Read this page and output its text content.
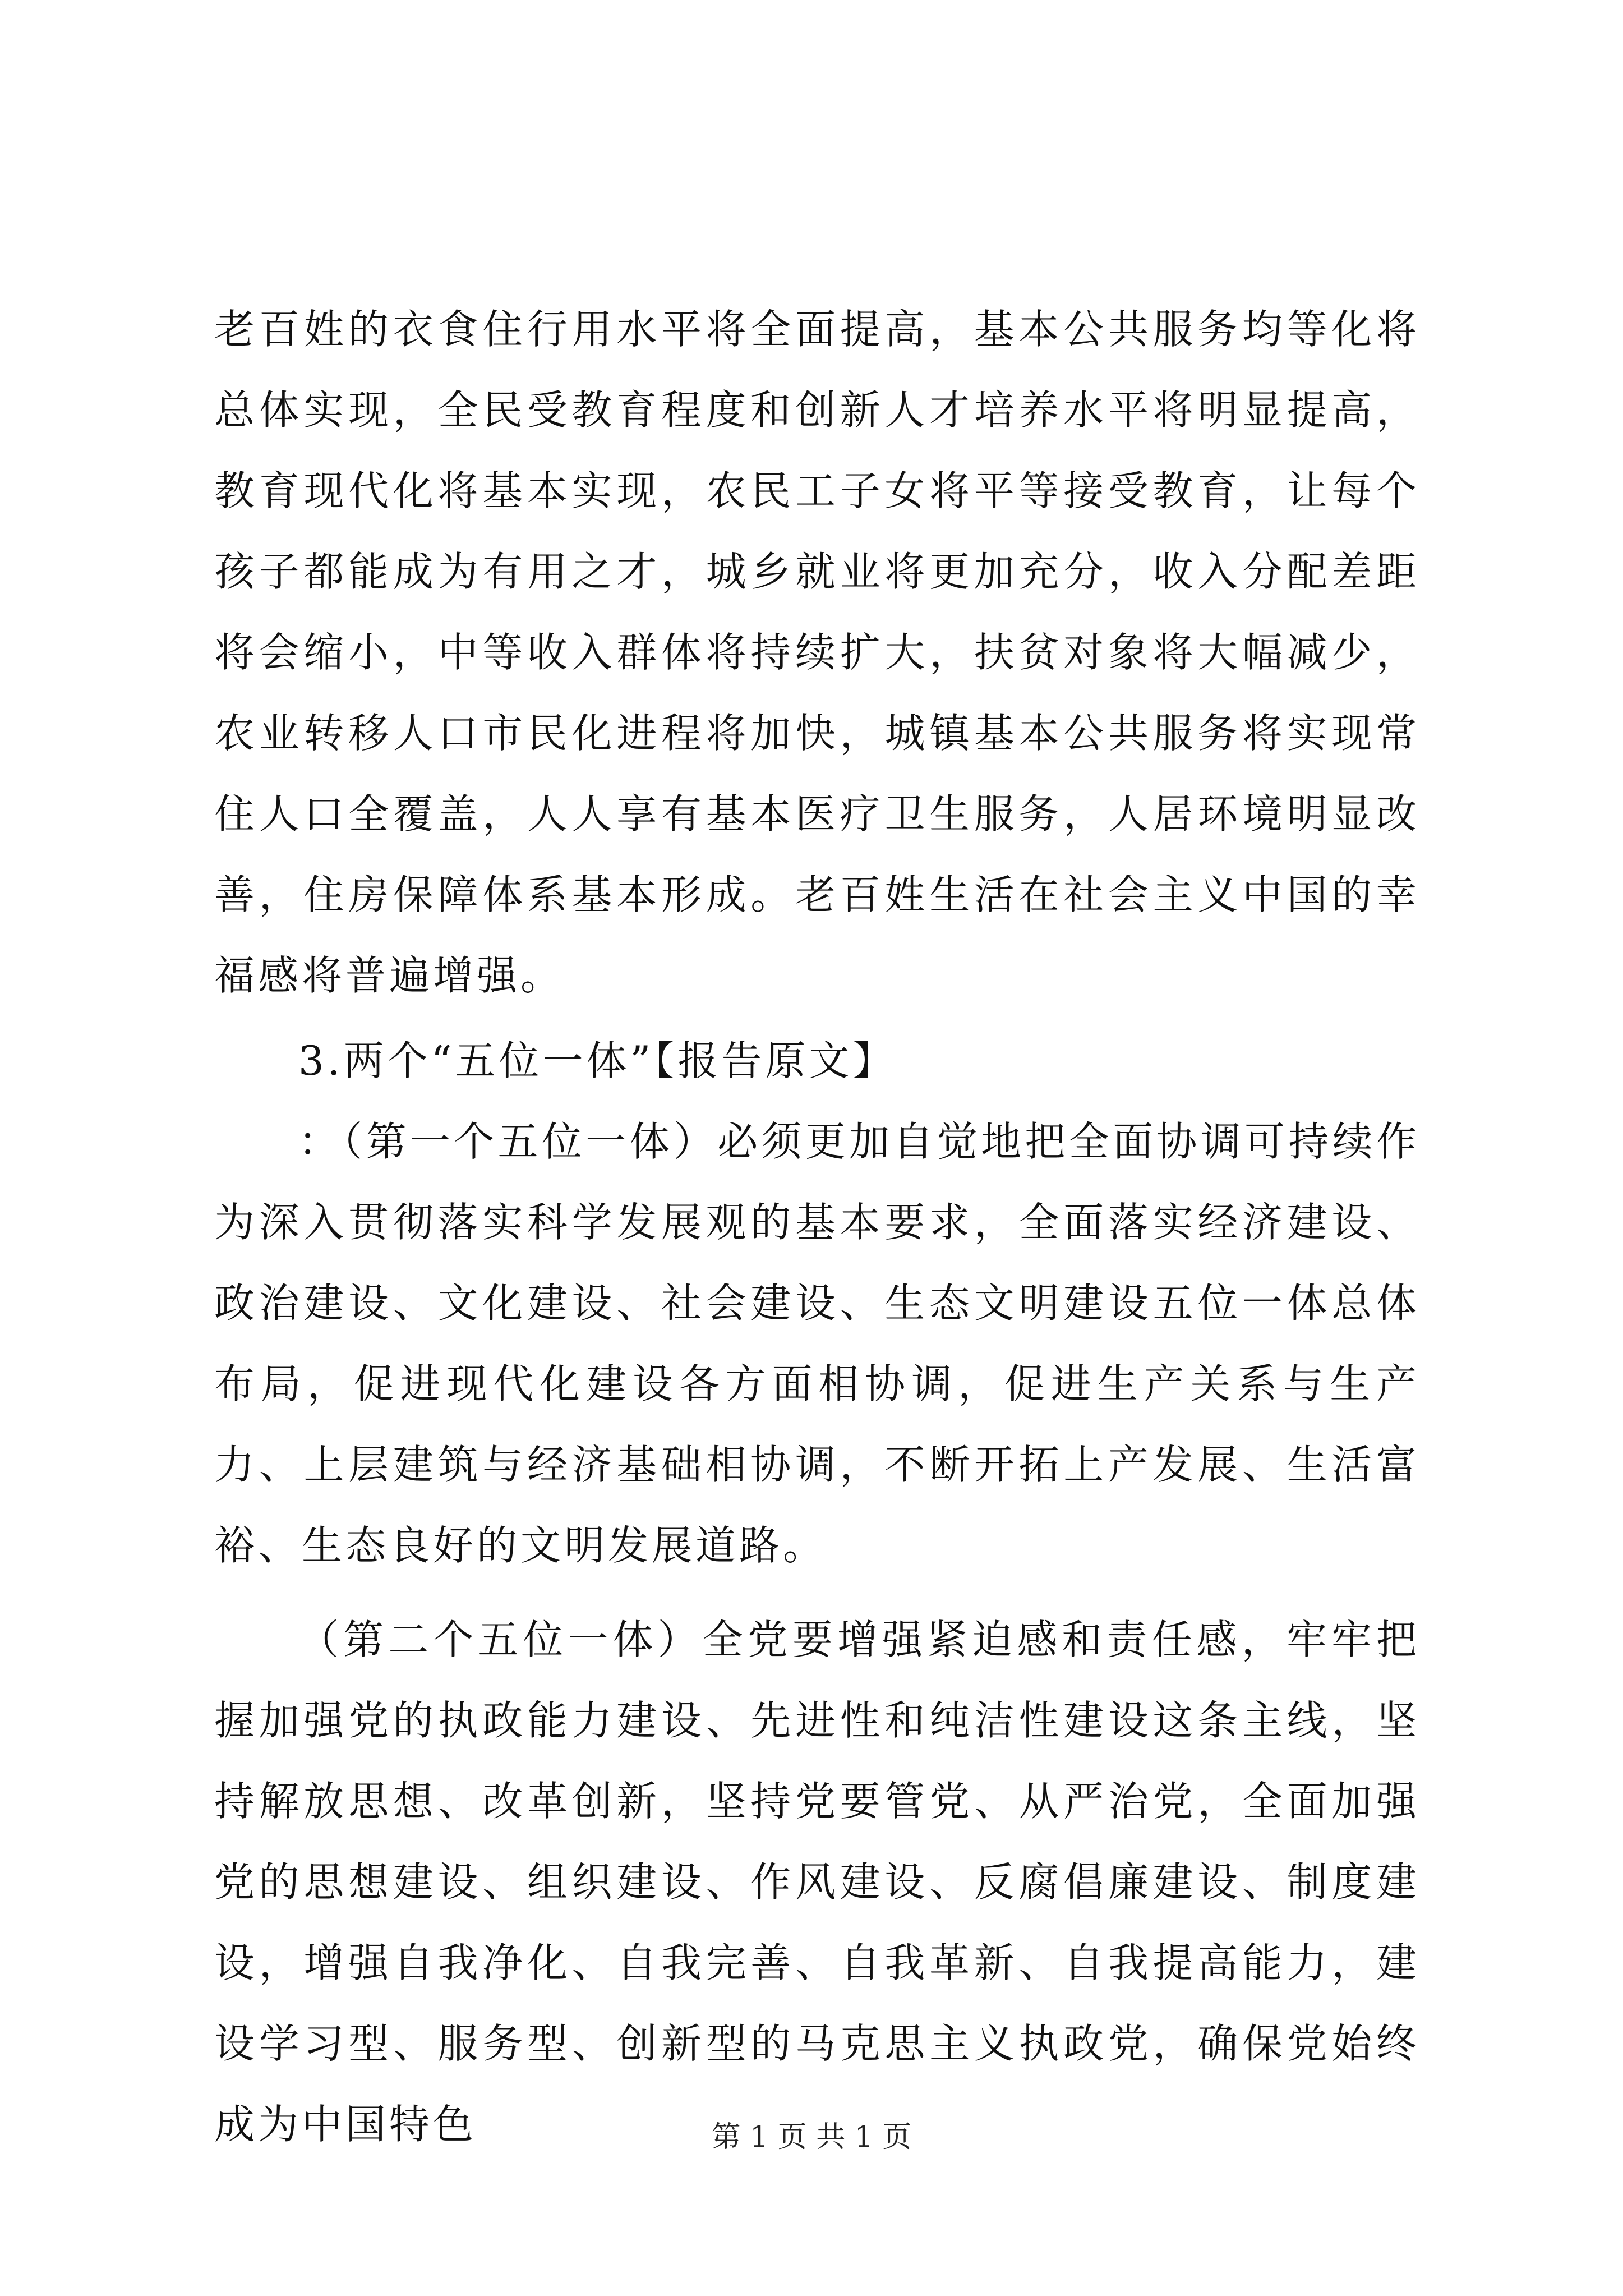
老百姓的衣食住行用水平将全面提高，基本公共服务均等化将总体实现，全民受教育程度和创新人才培养水平将明显提高，教育现代化将基本实现，农民工子女将平等接受教育，让每个孩子都能成为有用之才，城乡就业将更加充分，收入分配差距将会缩小，中等收入群体将持续扩大，扶贫对象将大幅减少，农业转移人口市民化进程将加快，城镇基本公共服务将实现常住人口全覆盖，人人享有基本医疗卫生服务，人居环境明显改善，住房保障体系基本形成。老百姓生活在社会主义中国的幸福感将普遍增强。

3.两个“五位一体”【报告原文】

：（第一个五位一体）必须更加自觉地把全面协调可持续作为深入贯彻落实科学发展观的基本要求，全面落实经济建设、政治建设、文化建设、社会建设、生态文明建设五位一体总体布局，促进现代化建设各方面相协调，促进生产关系与生产力、上层建筑与经济基础相协调，不断开拓上产发展、生活富裕、生态良好的文明发展道路。

（第二个五位一体）全党要增强紧迫感和责任感，牢牢把握加强党的执政能力建设、先进性和纯洁性建设这条主线，坚持解放思想、改革创新，坚持党要管党、从严治党，全面加强党的思想建设、组织建设、作风建设、反腐倡廉建设、制度建设，增强自我净化、自我完善、自我革新、自我提高能力，建设学习型、服务型、创新型的马克思主义执政党，确保党始终成为中国特色	第 1 页 共 1 页
